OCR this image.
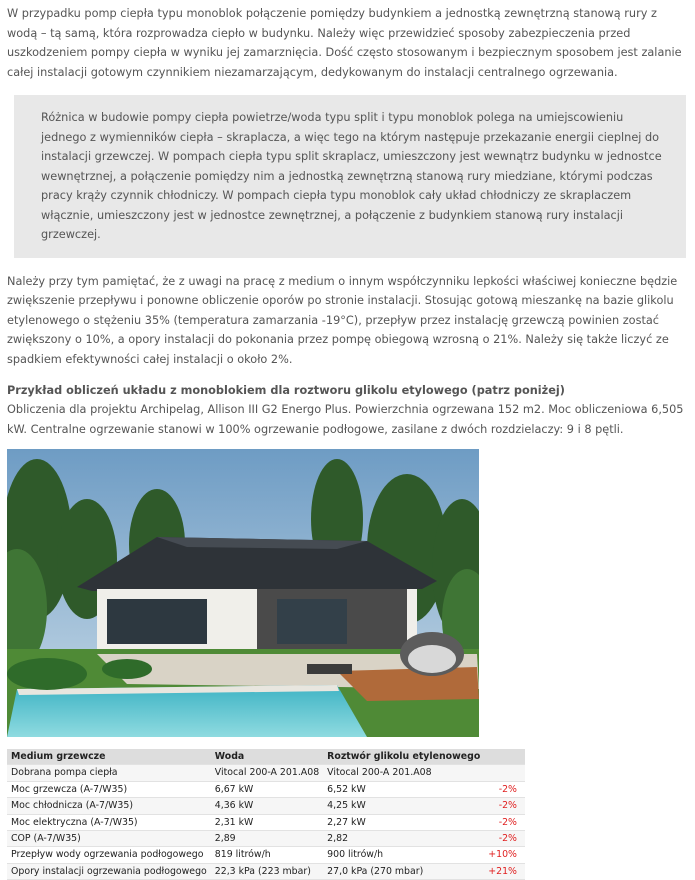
W przypadku pomp ciepła typu monoblok połączenie pomiędzy budynkiem a jednostką zewnętrzną stanową rury z wodą – tą samą, która rozprowadza ciepło w budynku. Należy więc przewidzieć sposoby zabezpieczenia przed uszkodzeniem pompy ciepła w wyniku jej zamarznięcia. Dość często stosowanym i bezpiecznym sposobem jest zalanie całej instalacji gotowym czynnikiem niezamarzającym, dedykowanym do instalacji centralnego ogrzewania.

Różnica w budowie pompy ciepła powietrze/woda typu split i typu monoblok polega na umiejscowieniu jednego z wymienników ciepła – skraplacza, a więc tego na którym następuje przekazanie energii cieplnej do instalacji grzewczej. W pompach ciepła typu split skraplacz, umieszczony jest wewnątrz budynku w jednostce wewnętrznej, a połączenie pomiędzy nim a jednostką zewnętrzną stanową rury miedziane, którymi podczas pracy krąży czynnik chłodniczy. W pompach ciepła typu monoblok cały układ chłodniczy ze skraplaczem włącznie, umieszczony jest w jednostce zewnętrznej, a połączenie z budynkiem stanową rury instalacji grzewczej.

Należy przy tym pamiętać, że z uwagi na pracę z medium o innym współczynniku lepkości właściwej konieczne będzie zwiększenie przepływu i ponowne obliczenie oporów po stronie instalacji. Stosując gotową mieszankę na bazie glikolu etylenowego o stężeniu 35% (temperatura zamarzania -19°C), przepływ przez instalację grzewczą powinien zostać zwiększony o 10%, a opory instalacji do pokonania przez pompę obiegową wzrosną o 21%. Należy się także liczyć ze spadkiem efektywności całej instalacji o około 2%.

Przykład obliczeń układu z monoblokiem dla roztworu glikolu etylowego (patrz poniżej)

Obliczenia dla projektu Archipelag, Allison III G2 Energo Plus. Powierzchnia ogrzewana 152 m2. Moc obliczeniowa 6,505 kW. Centralne ogrzewanie stanowi w 100% ogrzewanie podłogowe, zasilane z dwóch rozdzielaczy: 9 i 8 pętli.

Medium grzewcze	Woda	Roztwór glikolu etylenowego	
Dobrana pompa ciepła	Vitocal 200-A 201.A08	Vitocal 200-A 201.A08	
Moc grzewcza (A-7/W35)	6,67 kW	6,52 kW	-2%
Moc chłodnicza (A-7/W35)	4,36 kW	4,25 kW	-2%
Moc elektryczna (A-7/W35)	2,31 kW	2,27 kW	-2%
COP (A-7/W35)	2,89	2,82	-2%
Przepływ wody ogrzewania podłogowego	819 litrów/h	900 litrów/h	+10%
Opory instalacji ogrzewania podłogowego	22,3 kPa (223 mbar)	27,0 kPa (270 mbar)	+21%
